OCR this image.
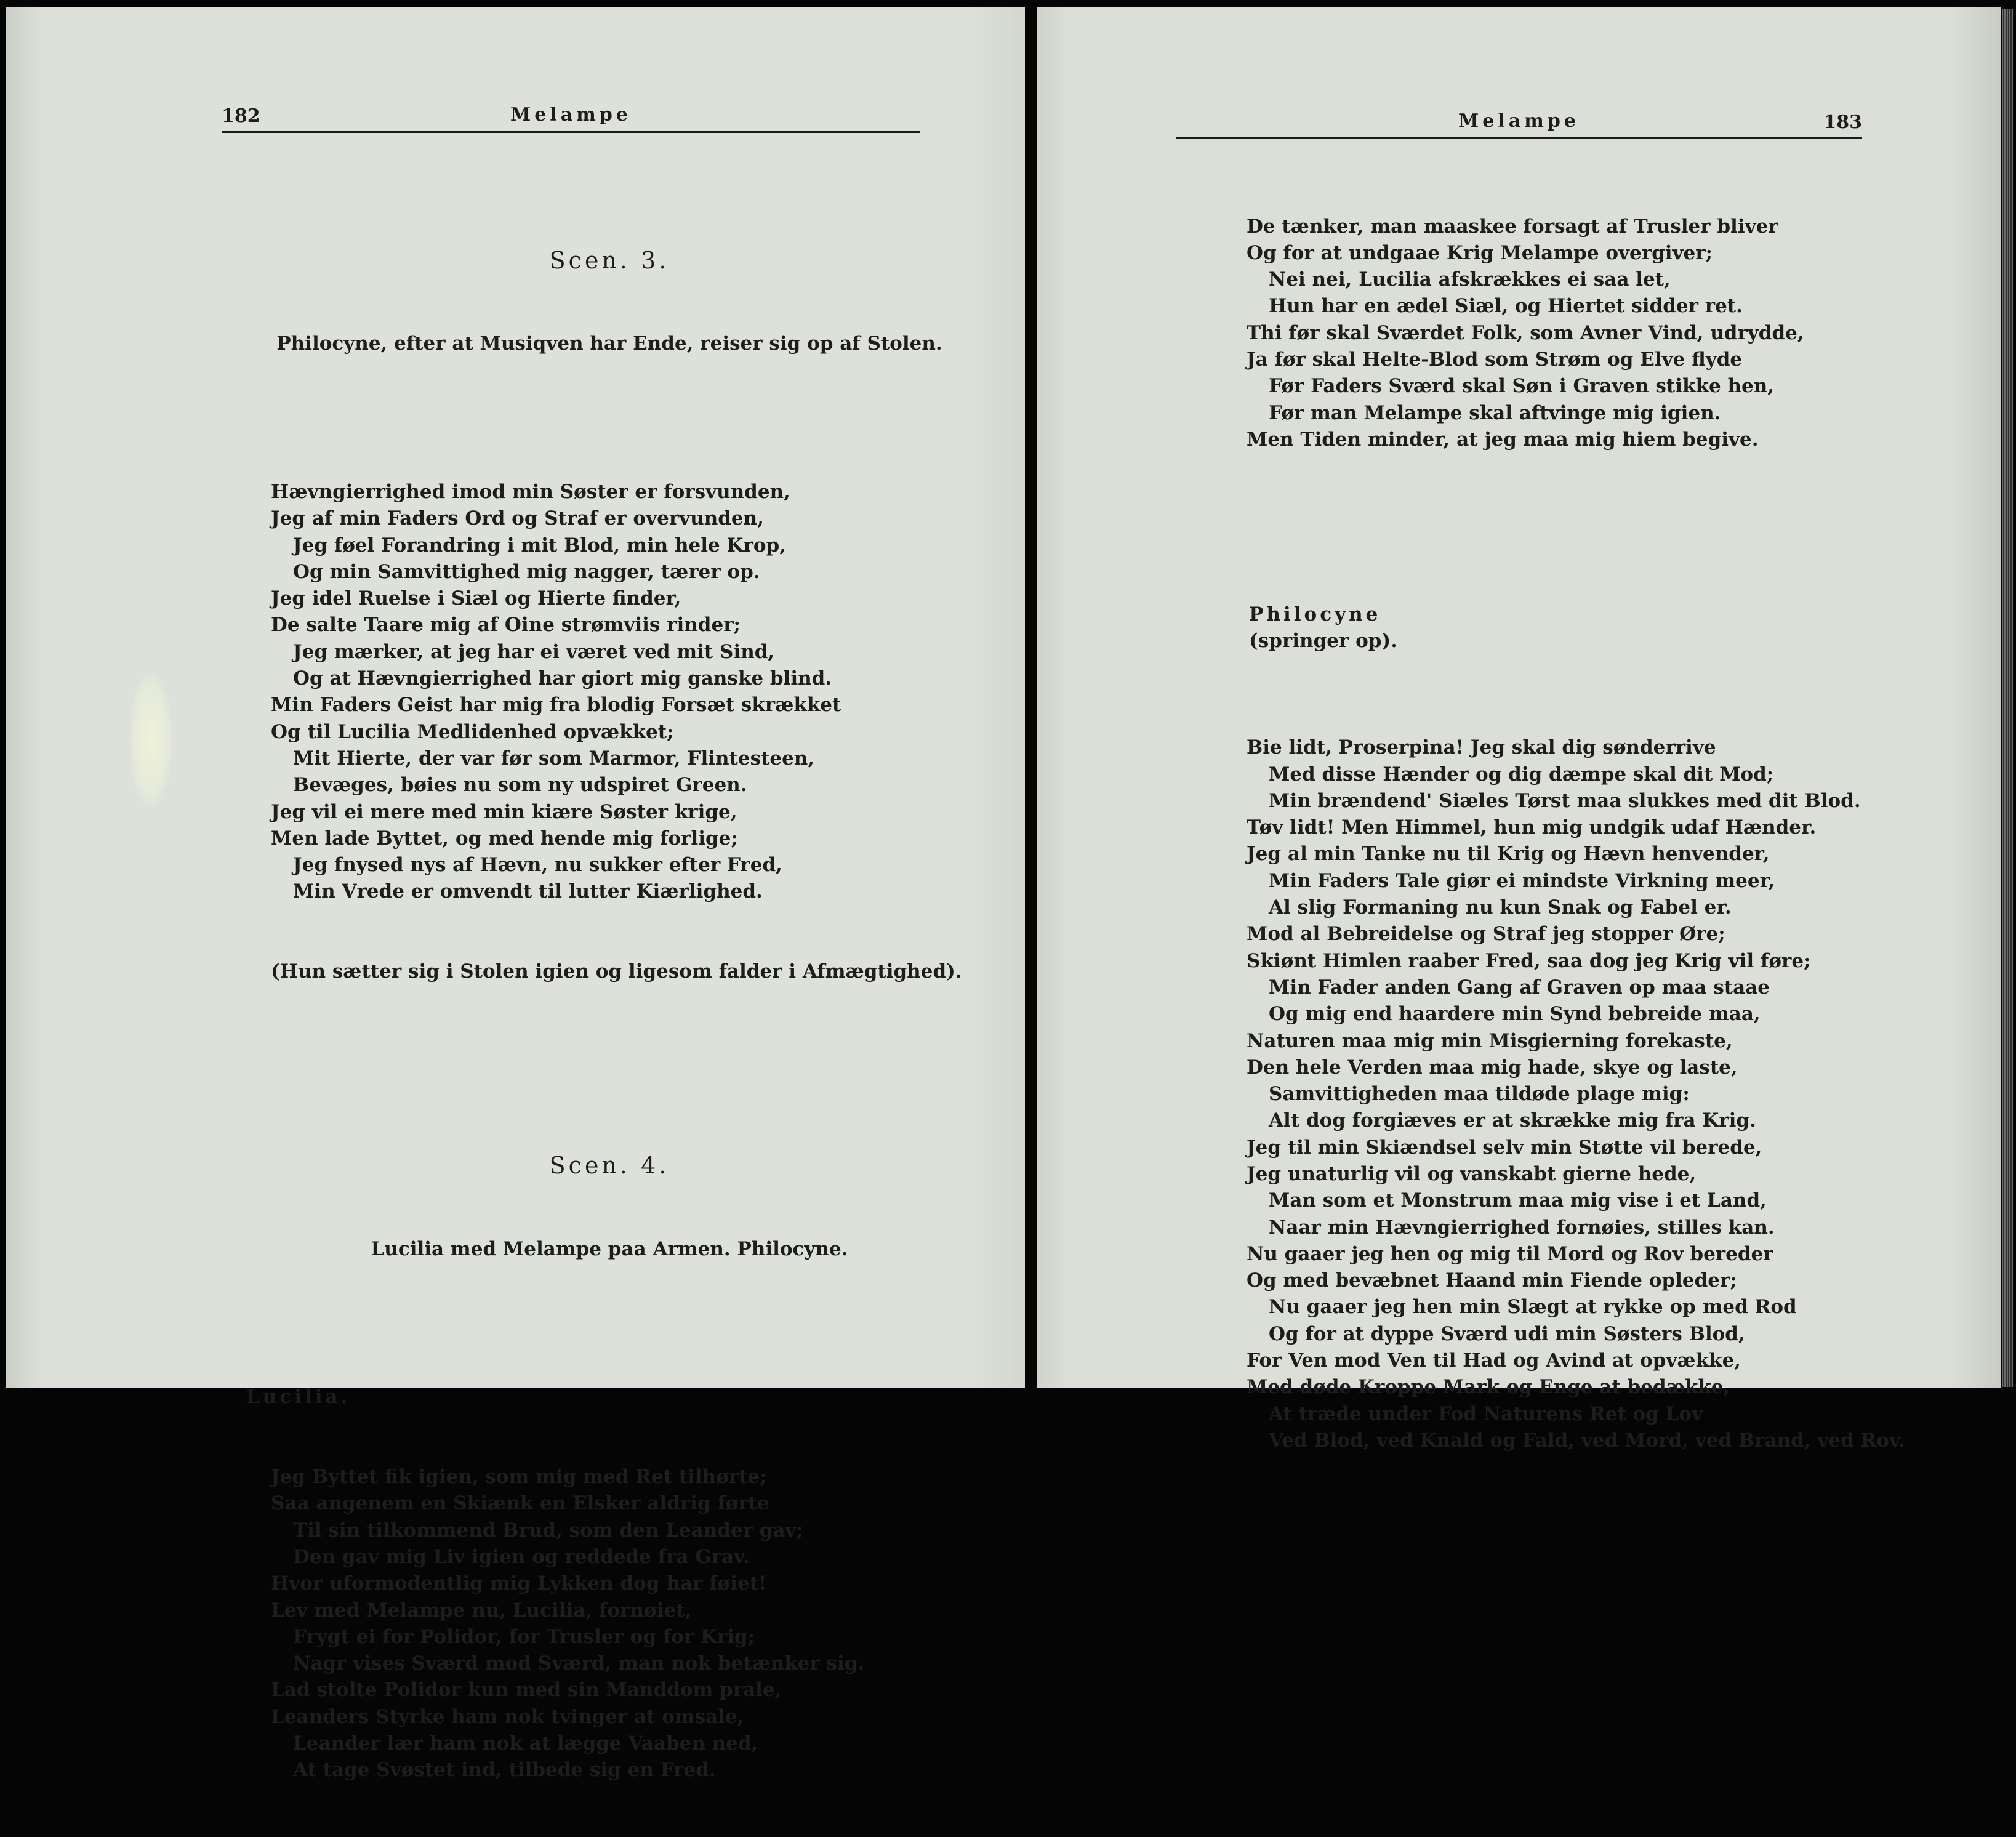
182	Melampe

Scen. 3.

Philocyne, efter at Musiqven har Ende, reiser sig op af Stolen.

Hævngierrighed imod min Søster er forsvunden,
Jeg af min Faders Ord og Straf er overvunden,
Jeg føel Forandring i mit Blod, min hele Krop,
Og min Samvittighed mig nagger, tærer op.
Jeg idel Ruelse i Siæl og Hierte finder,
De salte Taare mig af Oine strømviis rinder;
Jeg mærker, at jeg har ei været ved mit Sind,
Og at Hævngierrighed har giort mig ganske blind.
Min Faders Geist har mig fra blodig Forsæt skrækket
Og til Lucilia Medlidenhed opvækket;
Mit Hierte, der var før som Marmor, Flintesteen,
Bevæges, bøies nu som ny udspiret Green.
Jeg vil ei mere med min kiære Søster krige,
Men lade Byttet, og med hende mig forlige;
Jeg fnysed nys af Hævn, nu sukker efter Fred,
Min Vrede er omvendt til lutter Kiærlighed.

(Hun sætter sig i Stolen igien og ligesom falder i Afmægtighed).

Scen. 4.

Lucilia med Melampe paa Armen. Philocyne.

Lucilia.

Jeg Byttet fik igien, som mig med Ret tilhørte;
Saa angenem en Skiænk en Elsker aldrig førte
Til sin tilkommend Brud, som den Leander gav;
Den gav mig Liv igien og reddede fra Grav.
Hvor uformodentlig mig Lykken dog har føiet!
Lev med Melampe nu, Lucilia, fornøiet,
Frygt ei for Polidor, for Trusler og for Krig;
Nagr vises Sværd mod Sværd, man nok betænker sig.
Lad stolte Polidor kun med sin Manddom prale,
Leanders Styrke ham nok tvinger at omsale,
Leander lær ham nok at lægge Vaaben ned,
At tage Svøstet ind, tilbede sig en Fred.

Melampe	183

De tænker, man maaskee forsagt af Trusler bliver
Og for at undgaae Krig Melampe overgiver;
Nei nei, Lucilia afskrækkes ei saa let,
Hun har en ædel Siæl, og Hiertet sidder ret.
Thi før skal Sværdet Folk, som Avner Vind, udrydde,
Ja før skal Helte-Blod som Strøm og Elve flyde
Før Faders Sværd skal Søn i Graven stikke hen,
Før man Melampe skal aftvinge mig igien.
Men Tiden minder, at jeg maa mig hiem begive.

Philocyne
(springer op).

Bie lidt, Proserpina! Jeg skal dig sønderrive
Med disse Hænder og dig dæmpe skal dit Mod;
Min brændend' Siæles Tørst maa slukkes med dit Blod.
Tøv lidt! Men Himmel, hun mig undgik udaf Hænder.
Jeg al min Tanke nu til Krig og Hævn henvender,
Min Faders Tale giør ei mindste Virkning meer,
Al slig Formaning nu kun Snak og Fabel er.
Mod al Bebreidelse og Straf jeg stopper Øre;
Skiønt Himlen raaber Fred, saa dog jeg Krig vil føre;
Min Fader anden Gang af Graven op maa staae
Og mig end haardere min Synd bebreide maa,
Naturen maa mig min Misgierning forekaste,
Den hele Verden maa mig hade, skye og laste,
Samvittigheden maa tildøde plage mig:
Alt dog forgiæves er at skrække mig fra Krig.
Jeg til min Skiændsel selv min Støtte vil berede,
Jeg unaturlig vil og vanskabt gierne hede,
Man som et Monstrum maa mig vise i et Land,
Naar min Hævngierrighed fornøies, stilles kan.
Nu gaaer jeg hen og mig til Mord og Rov bereder
Og med bevæbnet Haand min Fiende opleder;
Nu gaaer jeg hen min Slægt at rykke op med Rod
Og for at dyppe Sværd udi min Søsters Blod,
For Ven mod Ven til Had og Avind at opvække,
Med døde Kroppe Mark og Enge at bedække,
At træde under Fod Naturens Ret og Lov
Ved Blod, ved Knald og Fald, ved Mord, ved Brand, ved Rov.
